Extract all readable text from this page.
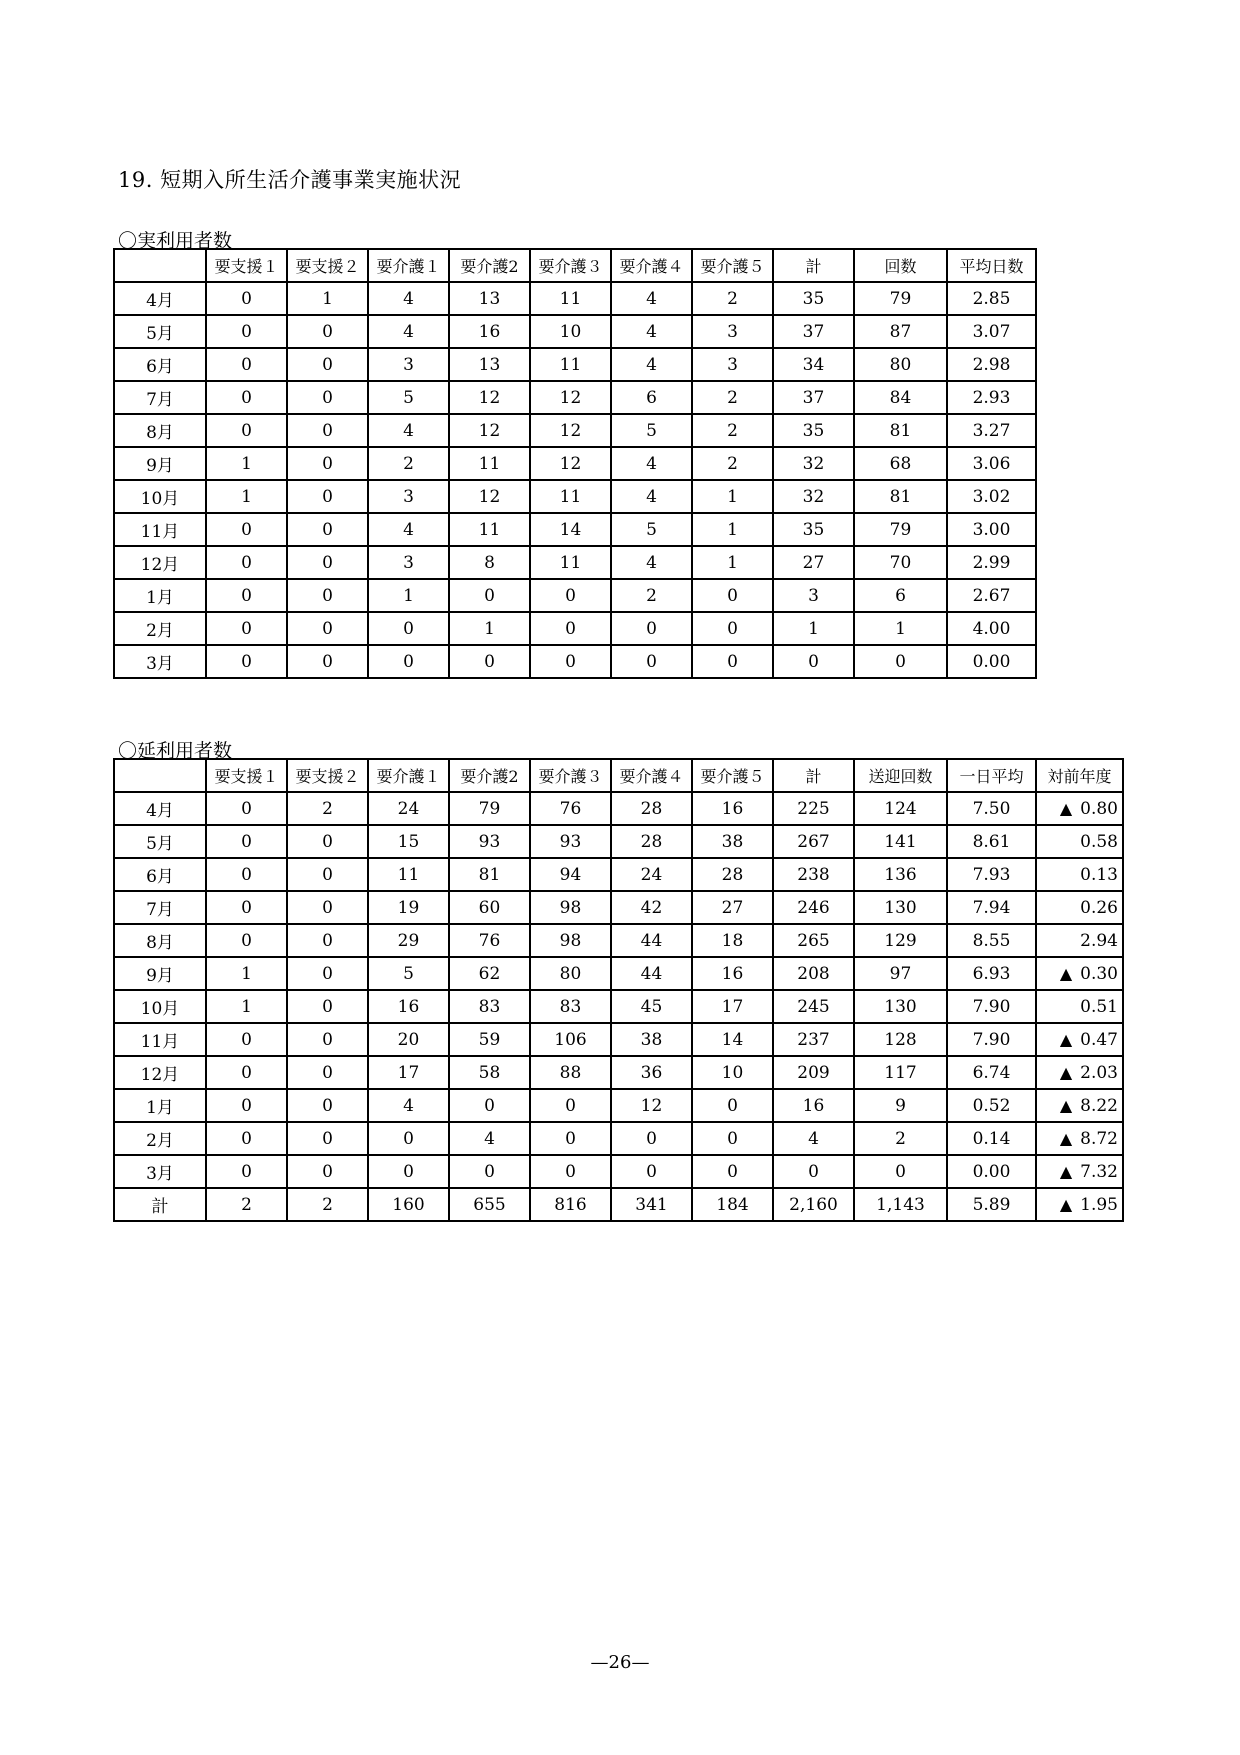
19. 短期入所生活介護事業実施状況
〇実利用者数
	要支援１	要支援２	要介護１	要介護2	要介護３	要介護４	要介護５	計	回数	平均日数
4月	0	1	4	13	11	4	2	35	79	2.85
5月	0	0	4	16	10	4	3	37	87	3.07
6月	0	0	3	13	11	4	3	34	80	2.98
7月	0	0	5	12	12	6	2	37	84	2.93
8月	0	0	4	12	12	5	2	35	81	3.27
9月	1	0	2	11	12	4	2	32	68	3.06
10月	1	0	3	12	11	4	1	32	81	3.02
11月	0	0	4	11	14	5	1	35	79	3.00
12月	0	0	3	8	11	4	1	27	70	2.99
1月	0	0	1	0	0	2	0	3	6	2.67
2月	0	0	0	1	0	0	0	1	1	4.00
3月	0	0	0	0	0	0	0	0	0	0.00
〇延利用者数
	要支援１	要支援２	要介護１	要介護2	要介護３	要介護４	要介護５	計	送迎回数	一日平均	対前年度
4月	0	2	24	79	76	28	16	225	124	7.50	▲ 0.80

5月	0	0	15	93	93	28	38	267	141	8.61	0.58

6月	0	0	11	81	94	24	28	238	136	7.93	0.13

7月	0	0	19	60	98	42	27	246	130	7.94	0.26

8月	0	0	29	76	98	44	18	265	129	8.55	2.94

9月	1	0	5	62	80	44	16	208	97	6.93	▲ 0.30

10月	1	0	16	83	83	45	17	245	130	7.90	0.51

11月	0	0	20	59	106	38	14	237	128	7.90	▲ 0.47

12月	0	0	17	58	88	36	10	209	117	6.74	▲ 2.03

1月	0	0	4	0	0	12	0	16	9	0.52	▲ 8.22

2月	0	0	0	4	0	0	0	4	2	0.14	▲ 8.72

3月	0	0	0	0	0	0	0	0	0	0.00	▲ 7.32

計	2	2	160	655	816	341	184	2,160	1,143	5.89	▲ 1.95
—26—
